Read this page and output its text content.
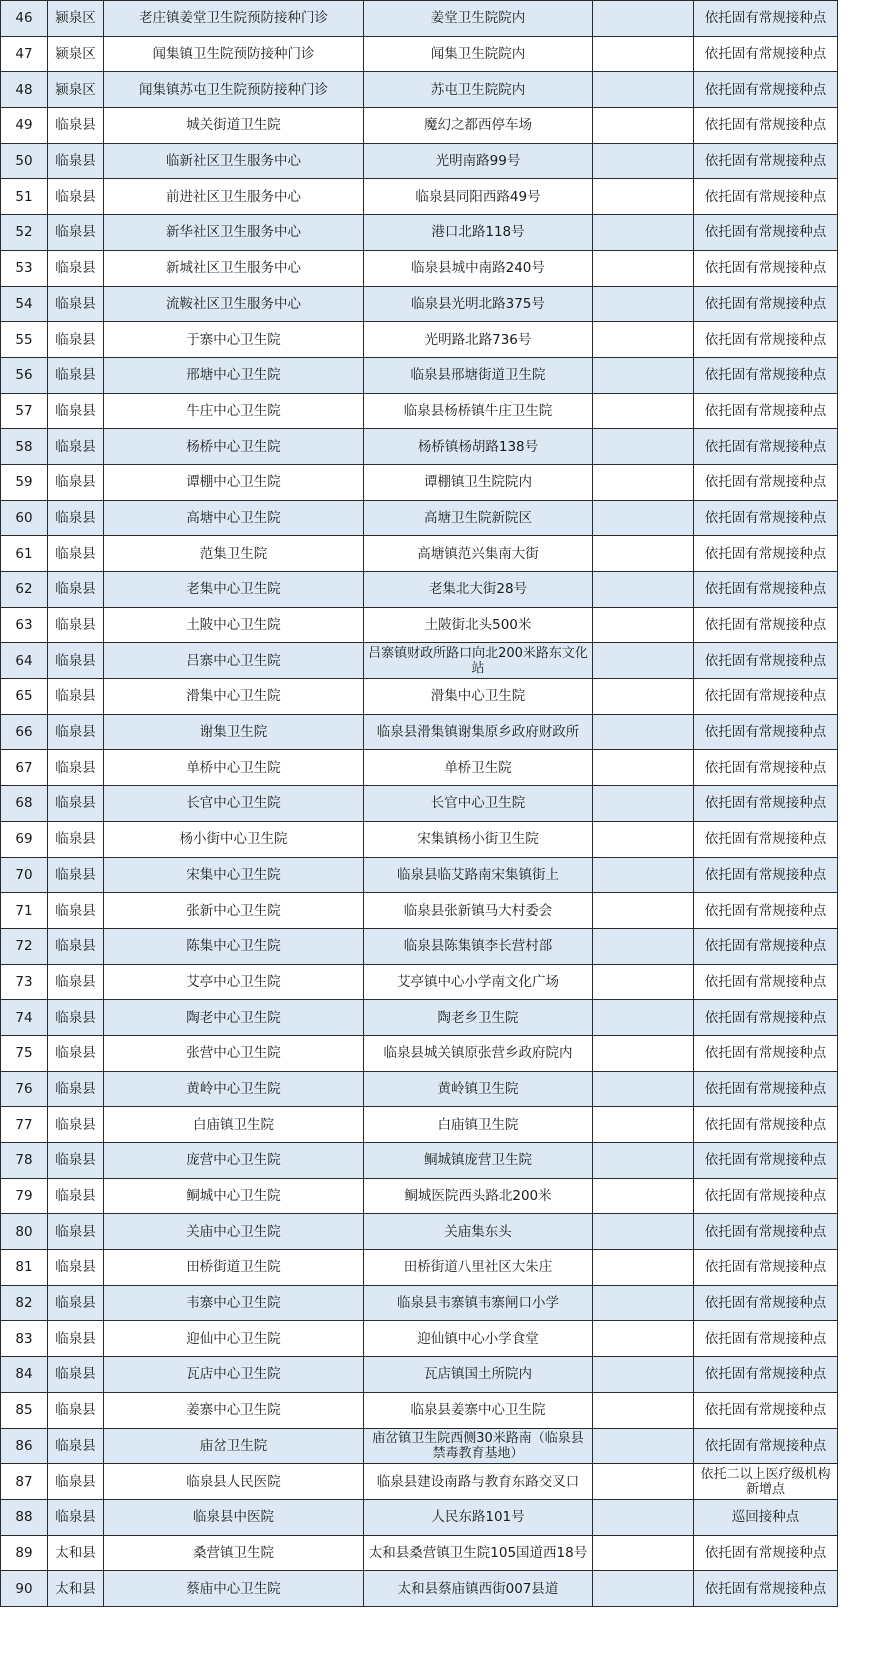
46	颍泉区	老庄镇姜堂卫生院预防接种门诊	姜堂卫生院院内		依托固有常规接种点
47	颍泉区	闻集镇卫生院预防接种门诊	闻集卫生院院内		依托固有常规接种点
48	颍泉区	闻集镇苏屯卫生院预防接种门诊	苏屯卫生院院内		依托固有常规接种点
49	临泉县	城关街道卫生院	魔幻之都西停车场		依托固有常规接种点
50	临泉县	临新社区卫生服务中心	光明南路99号		依托固有常规接种点
51	临泉县	前进社区卫生服务中心	临泉县同阳西路49号		依托固有常规接种点
52	临泉县	新华社区卫生服务中心	港口北路118号		依托固有常规接种点
53	临泉县	新城社区卫生服务中心	临泉县城中南路240号		依托固有常规接种点
54	临泉县	流鞍社区卫生服务中心	临泉县光明北路375号		依托固有常规接种点
55	临泉县	于寨中心卫生院	光明路北路736号		依托固有常规接种点
56	临泉县	邢塘中心卫生院	临泉县邢塘街道卫生院		依托固有常规接种点
57	临泉县	牛庄中心卫生院	临泉县杨桥镇牛庄卫生院		依托固有常规接种点
58	临泉县	杨桥中心卫生院	杨桥镇杨胡路138号		依托固有常规接种点
59	临泉县	谭棚中心卫生院	谭棚镇卫生院院内		依托固有常规接种点
60	临泉县	高塘中心卫生院	高塘卫生院新院区		依托固有常规接种点
61	临泉县	范集卫生院	高塘镇范兴集南大街		依托固有常规接种点
62	临泉县	老集中心卫生院	老集北大街28号		依托固有常规接种点
63	临泉县	土陂中心卫生院	土陂街北头500米		依托固有常规接种点
64	临泉县	吕寨中心卫生院	吕寨镇财政所路口向北200米路东文化站		依托固有常规接种点
65	临泉县	滑集中心卫生院	滑集中心卫生院		依托固有常规接种点
66	临泉县	谢集卫生院	临泉县滑集镇谢集原乡政府财政所		依托固有常规接种点
67	临泉县	单桥中心卫生院	单桥卫生院		依托固有常规接种点
68	临泉县	长官中心卫生院	长官中心卫生院		依托固有常规接种点
69	临泉县	杨小街中心卫生院	宋集镇杨小街卫生院		依托固有常规接种点
70	临泉县	宋集中心卫生院	临泉县临艾路南宋集镇街上		依托固有常规接种点
71	临泉县	张新中心卫生院	临泉县张新镇马大村委会		依托固有常规接种点
72	临泉县	陈集中心卫生院	临泉县陈集镇李长营村部		依托固有常规接种点
73	临泉县	艾亭中心卫生院	艾亭镇中心小学南文化广场		依托固有常规接种点
74	临泉县	陶老中心卫生院	陶老乡卫生院		依托固有常规接种点
75	临泉县	张营中心卫生院	临泉县城关镇原张营乡政府院内		依托固有常规接种点
76	临泉县	黄岭中心卫生院	黄岭镇卫生院		依托固有常规接种点
77	临泉县	白庙镇卫生院	白庙镇卫生院		依托固有常规接种点
78	临泉县	庞营中心卫生院	鲖城镇庞营卫生院		依托固有常规接种点
79	临泉县	鲖城中心卫生院	鲖城医院西头路北200米		依托固有常规接种点
80	临泉县	关庙中心卫生院	关庙集东头		依托固有常规接种点
81	临泉县	田桥街道卫生院	田桥街道八里社区大朱庄		依托固有常规接种点
82	临泉县	韦寨中心卫生院	临泉县韦寨镇韦寨闸口小学		依托固有常规接种点
83	临泉县	迎仙中心卫生院	迎仙镇中心小学食堂		依托固有常规接种点
84	临泉县	瓦店中心卫生院	瓦店镇国土所院内		依托固有常规接种点
85	临泉县	姜寨中心卫生院	临泉县姜寨中心卫生院		依托固有常规接种点
86	临泉县	庙岔卫生院	庙岔镇卫生院西侧30米路南（临泉县禁毒教育基地）		依托固有常规接种点
87	临泉县	临泉县人民医院	临泉县建设南路与教育东路交叉口		依托二以上医疗级机构新增点
88	临泉县	临泉县中医院	人民东路101号		巡回接种点
89	太和县	桑营镇卫生院	太和县桑营镇卫生院105国道西18号		依托固有常规接种点
90	太和县	蔡庙中心卫生院	太和县蔡庙镇西街007县道		依托固有常规接种点
